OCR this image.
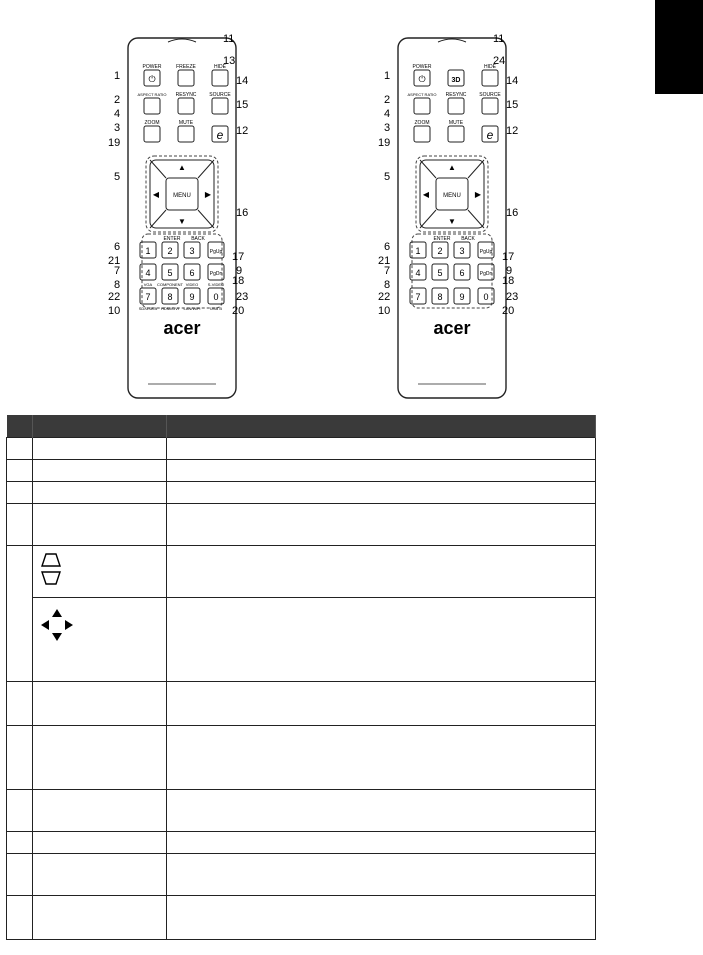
⏻
POWER	FREEZE	HIDE
ASPECT RATIO RESYNC	SOURCE
ZOOM	MUTE
e
MENU
▲
▼
◀	▶
ENTER BACK
1 2 3	PgUp
4 5 6	PgDn
7 8 9 0
VGA COMPONENT VIDEO S-VIDEO
SD/USB A HDMI/DVI LAN/WiFi USB B
acer
11
13
14
15
12
16
17
9
18
23
20
1
2
4
3
19
5
6
21
7
8
22
10
⏻
POWER
3D
HIDE
ASPECT RATIO RESYNC	SOURCE
ZOOM	MUTE
e
MENU
▲
▼
◀	▶
ENTER BACK
1 2 3	PgUp
4 5 6	PgDn
7 8 9 0
acer
11
24
14
15
12
16
17
9
18
23
20
1
2
4
3
19
5
6
21
7
8
22
10
